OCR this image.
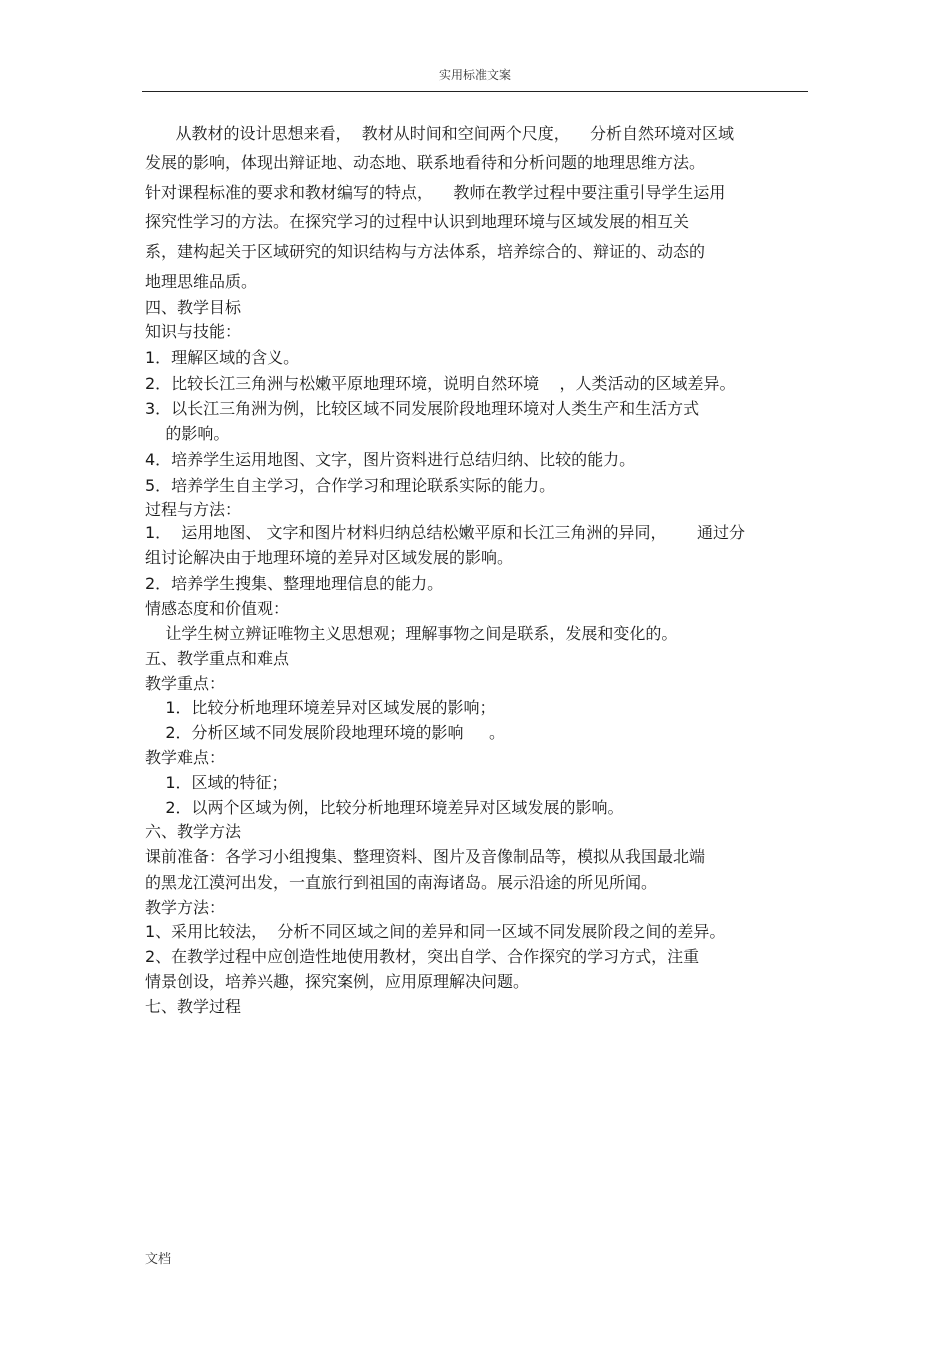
实用标准文案
从教材的设计思想来看，  教材从时间和空间两个尺度，    分析自然环境对区域
发展的影响，体现出辩证地、动态地、联系地看待和分析问题的地理思维方法。
针对课程标准的要求和教材编写的特点，    教师在教学过程中要注重引导学生运用
探究性学习的方法。在探究学习的过程中认识到地理环境与区域发展的相互关
系，建构起关于区域研究的知识结构与方法体系，培养综合的、辩证的、动态的
地理思维品质。
四、教学目标
知识与技能：
1．理解区域的含义。
2．比较长江三角洲与松嫩平原地理环境，说明自然环境    ，人类活动的区域差异。
3．以长江三角洲为例，比较区域不同发展阶段地理环境对人类生产和生活方式
的影响。
4．培养学生运用地图、文字，图片资料进行总结归纳、比较的能力。
5．培养学生自主学习，合作学习和理论联系实际的能力。
过程与方法：
1．  运用地图、 文字和图片材料归纳总结松嫩平原和长江三角洲的异同，      通过分
组讨论解决由于地理环境的差异对区域发展的影响。
2．培养学生搜集、整理地理信息的能力。
情感态度和价值观：
让学生树立辨证唯物主义思想观；理解事物之间是联系，发展和变化的。
五、教学重点和难点
教学重点：
1．比较分析地理环境差异对区域发展的影响；
2．分析区域不同发展阶段地理环境的影响     。
教学难点：
1．区域的特征；
2．以两个区域为例，比较分析地理环境差异对区域发展的影响。
六、教学方法
课前准备：各学习小组搜集、整理资料、图片及音像制品等，模拟从我国最北端
的黑龙江漠河出发，一直旅行到祖国的南海诸岛。展示沿途的所见所闻。
教学方法：
1、采用比较法，  分析不同区域之间的差异和同一区域不同发展阶段之间的差异。
2、在教学过程中应创造性地使用教材，突出自学、合作探究的学习方式，注重
情景创设，培养兴趣，探究案例，应用原理解决问题。
七、教学过程
文档
